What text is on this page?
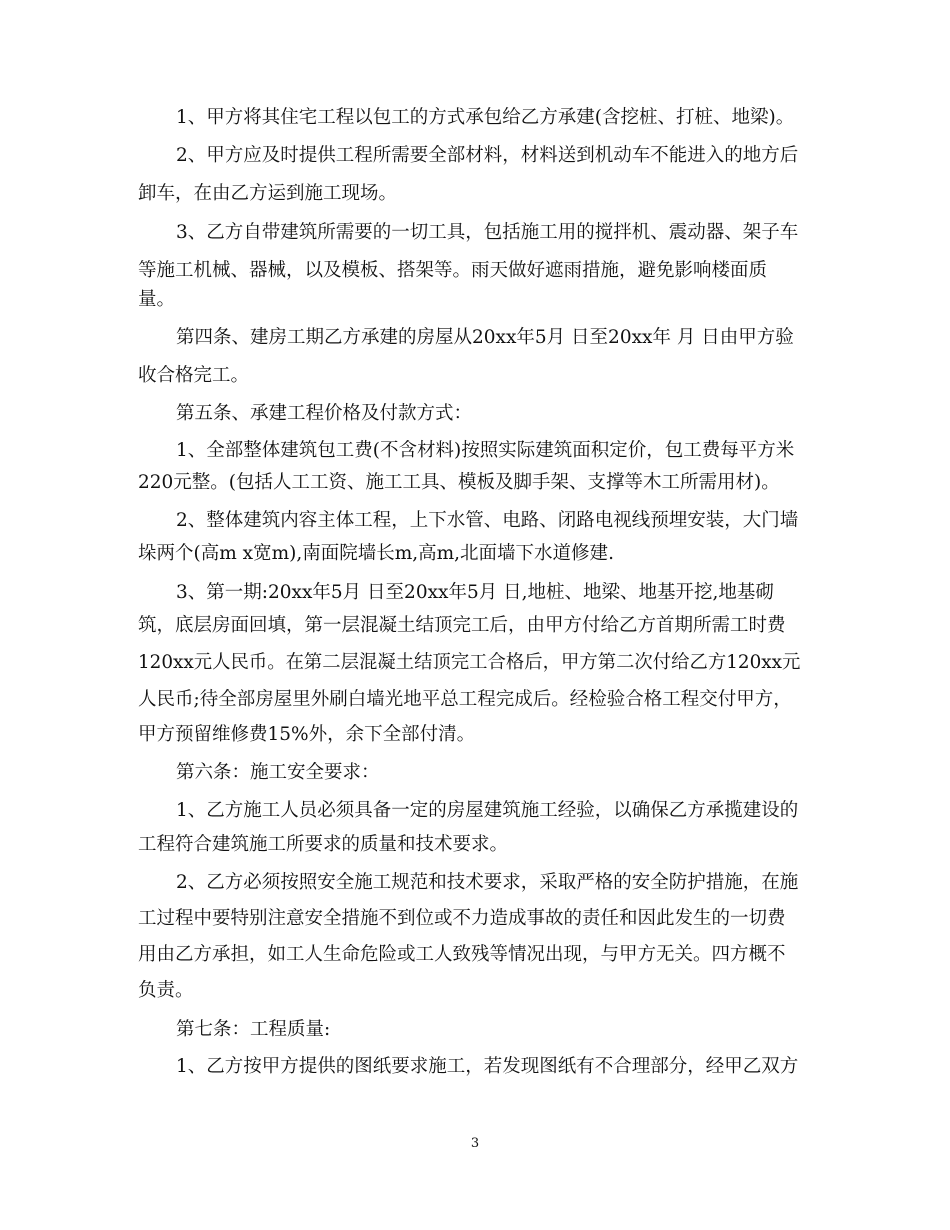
1、甲方将其住宅工程以包工的方式承包给乙方承建(含挖桩、打桩、地梁)。
2、甲方应及时提供工程所需要全部材料，材料送到机动车不能进入的地方后
卸车，在由乙方运到施工现场。
3、乙方自带建筑所需要的一切工具，包括施工用的搅拌机、震动器、架子车
等施工机械、器械，以及模板、搭架等。雨天做好遮雨措施，避免影响楼面质
量。
第四条、建房工期乙方承建的房屋从20xx年5月 日至20xx年 月 日由甲方验
收合格完工。
第五条、承建工程价格及付款方式：
1、全部整体建筑包工费(不含材料)按照实际建筑面积定价，包工费每平方米
220元整。(包括人工工资、施工工具、模板及脚手架、支撑等木工所需用材)。
2、整体建筑内容主体工程，上下水管、电路、闭路电视线预埋安装，大门墙
垛两个(高m x宽m),南面院墙长m,高m,北面墙下水道修建.
3、第一期:20xx年5月 日至20xx年5月 日,地桩、地梁、地基开挖,地基砌
筑，底层房面回填，第一层混凝土结顶完工后，由甲方付给乙方首期所需工时费
120xx元人民币。在第二层混凝土结顶完工合格后，甲方第二次付给乙方120xx元
人民币;待全部房屋里外刷白墙光地平总工程完成后。经检验合格工程交付甲方，
甲方预留维修费15%外，余下全部付清。
第六条：施工安全要求：
1、乙方施工人员必须具备一定的房屋建筑施工经验，以确保乙方承揽建设的
工程符合建筑施工所要求的质量和技术要求。
2、乙方必须按照安全施工规范和技术要求，采取严格的安全防护措施，在施
工过程中要特别注意安全措施不到位或不力造成事故的责任和因此发生的一切费
用由乙方承担，如工人生命危险或工人致残等情况出现，与甲方无关。四方概不
负责。
第七条：工程质量:
1、乙方按甲方提供的图纸要求施工，若发现图纸有不合理部分，经甲乙双方
3
